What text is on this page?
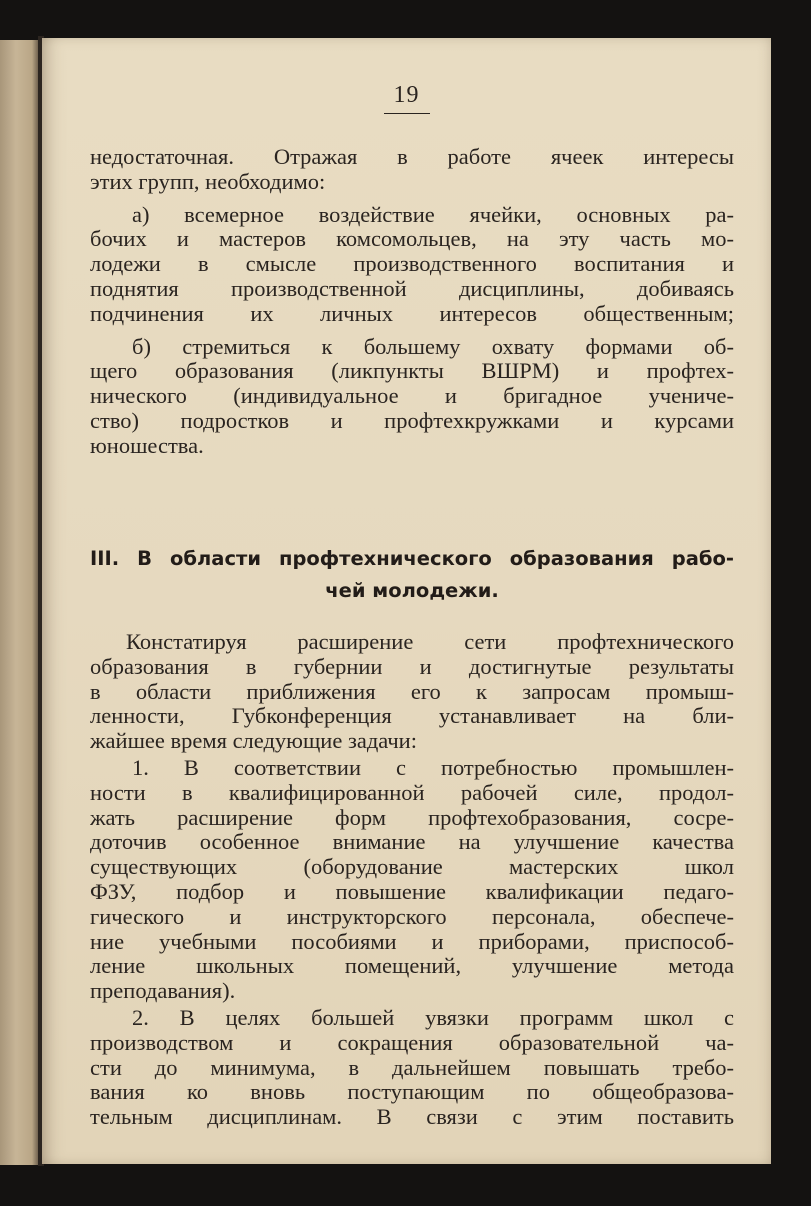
19
недостаточная. Отражая в работе ячеек интересы
этих групп, необходимо:
а) всемерное воздействие ячейки, основных ра-
бочих и мастеров комсомольцев, на эту часть мо-
лодежи в смысле производственного воспитания и
поднятия производственной дисциплины, добиваясь
подчинения их личных интересов общественным;
б) стремиться к большему охвату формами об-
щего образования (ликпункты ВШРМ) и профтех-
нического (индивидуальное и бригадное учениче-
ство) подростков и профтехкружками и курсами
юношества.
III. В области профтехнического образования рабо-
чей молодежи.
Констатируя расширение сети профтехнического
образования в губернии и достигнутые результаты
в области приближения его к запросам промыш-
ленности, Губконференция устанавливает на бли-
жайшее время следующие задачи:
1. В соответствии с потребностью промышлен-
ности в квалифицированной рабочей силе, продол-
жать расширение форм профтехобразования, сосре-
доточив особенное внимание на улучшение качества
существующих (оборудование мастерских школ
ФЗУ, подбор и повышение квалификации педаго-
гического и инструкторского персонала, обеспече-
ние учебными пособиями и приборами, приспособ-
ление школьных помещений, улучшение метода
преподавания).
2. В целях большей увязки программ школ с
производством и сокращения образовательной ча-
сти до минимума, в дальнейшем повышать требо-
вания ко вновь поступающим по общеобразова-
тельным дисциплинам. В связи с этим поставить
